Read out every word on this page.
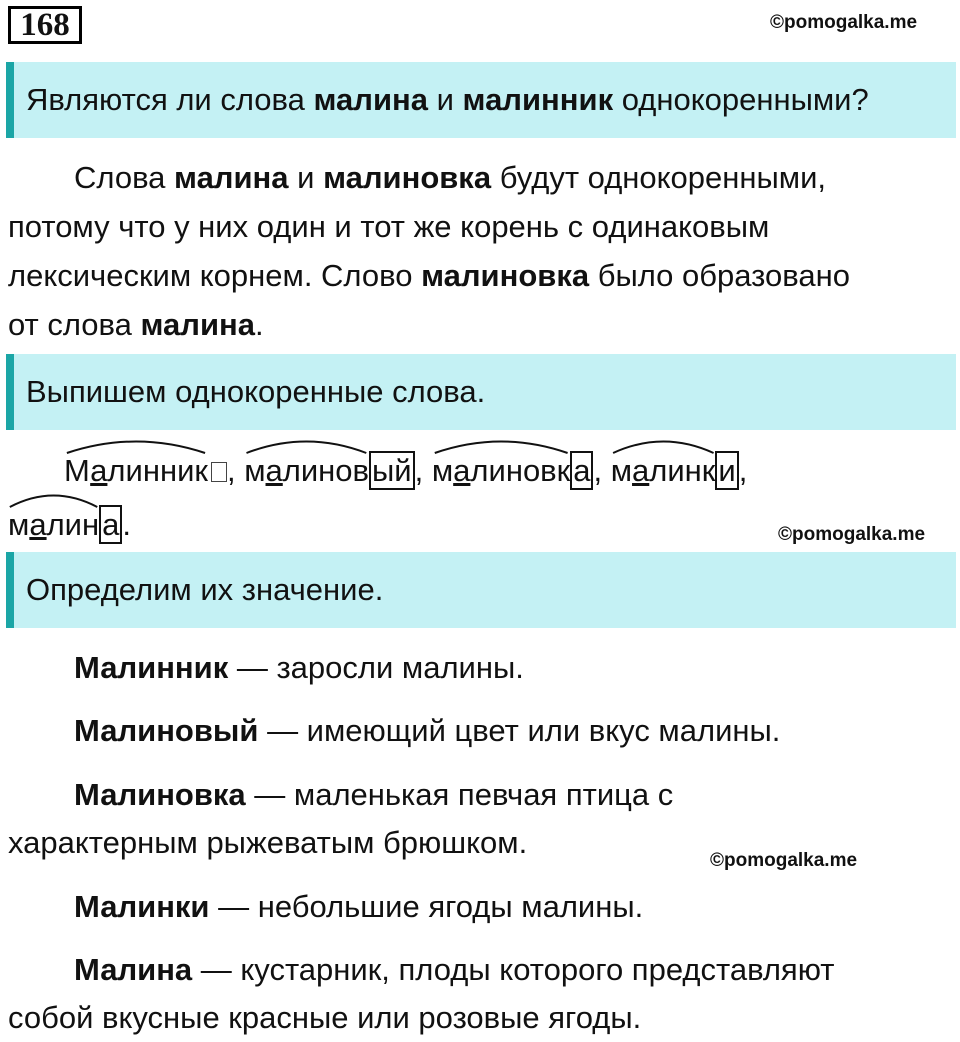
168	©pomogalka.me
Являются ли слова малина и малинник однокоренными?
Слова малина и малиновка будут однокоренными,
потому что у них один и тот же корень с одинаковым
лексическим корнем. Слово малиновка было образовано
от слова малина.
Выпишем однокоренные слова.
Малинник , малиновый, малиновка, малинки,
малина.	©pomogalka.me
Определим их значение.
Малинник — заросли малины.
Малиновый — имеющий цвет или вкус малины.
Малиновка — маленькая певчая птица с
характерным рыжеватым брюшком.
©pomogalka.me
Малинки — небольшие ягоды малины.
Малина — кустарник, плоды которого представляют
собой вкусные красные или розовые ягоды.
